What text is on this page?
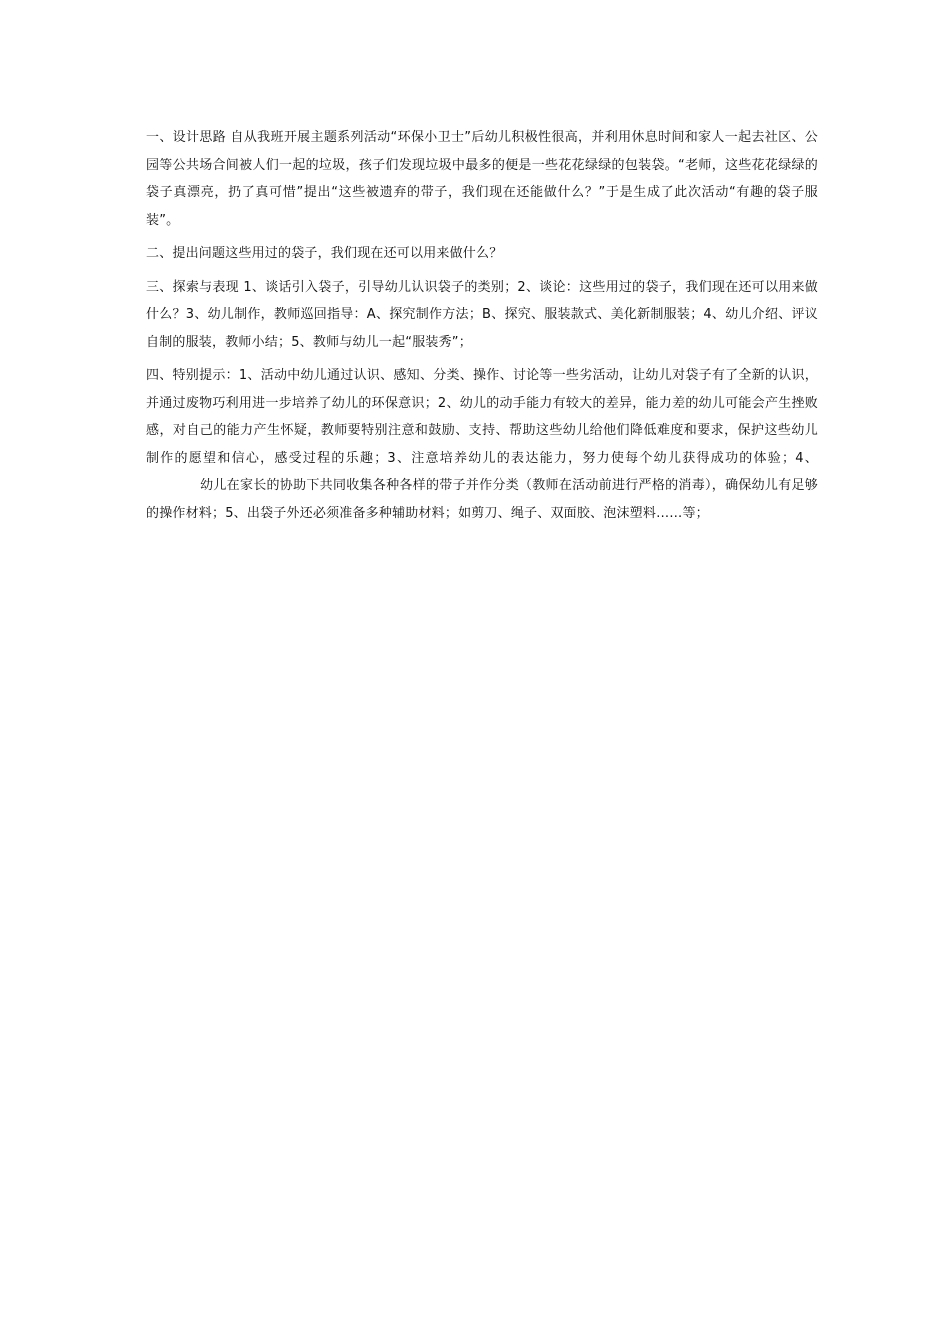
一、设计思路 自从我班开展主题系列活动“环保小卫士”后幼儿积极性很高，并利用休息时间和家人一起去社区、公园等公共场合间被人们一起的垃圾，孩子们发现垃圾中最多的便是一些花花绿绿的包装袋。“老师，这些花花绿绿的袋子真漂亮，扔了真可惜”提出“这些被遗弃的带子，我们现在还能做什么？”于是生成了此次活动“有趣的袋子服装”。

二、提出问题这些用过的袋子，我们现在还可以用来做什么？

三、探索与表现 1、谈话引入袋子，引导幼儿认识袋子的类别；2、谈论：这些用过的袋子，我们现在还可以用来做什么？3、幼儿制作，教师巡回指导：A、探究制作方法；B、探究、服装款式、美化新制服装；4、幼儿介绍、评议自制的服装，教师小结；5、教师与幼儿一起“服装秀”；

四、特别提示：1、活动中幼儿通过认识、感知、分类、操作、讨论等一些劣活动，让幼儿对袋子有了全新的认识，并通过废物巧利用进一步培养了幼儿的环保意识；2、幼儿的动手能力有较大的差异，能力差的幼儿可能会产生挫败感，对自己的能力产生怀疑，教师要特别注意和鼓励、支持、帮助这些幼儿给他们降低难度和要求，保护这些幼儿制作的愿望和信心，感受过程的乐趣；3、注意培养幼儿的表达能力，努力使每个幼儿获得成功的体验；4、幼儿在家长的协助下共同收集各种各样的带子并作分类（教师在活动前进行严格的消毒），确保幼儿有足够的操作材料；5、出袋子外还必须准备多种辅助材料；如剪刀、绳子、双面胶、泡沫塑料……等；
